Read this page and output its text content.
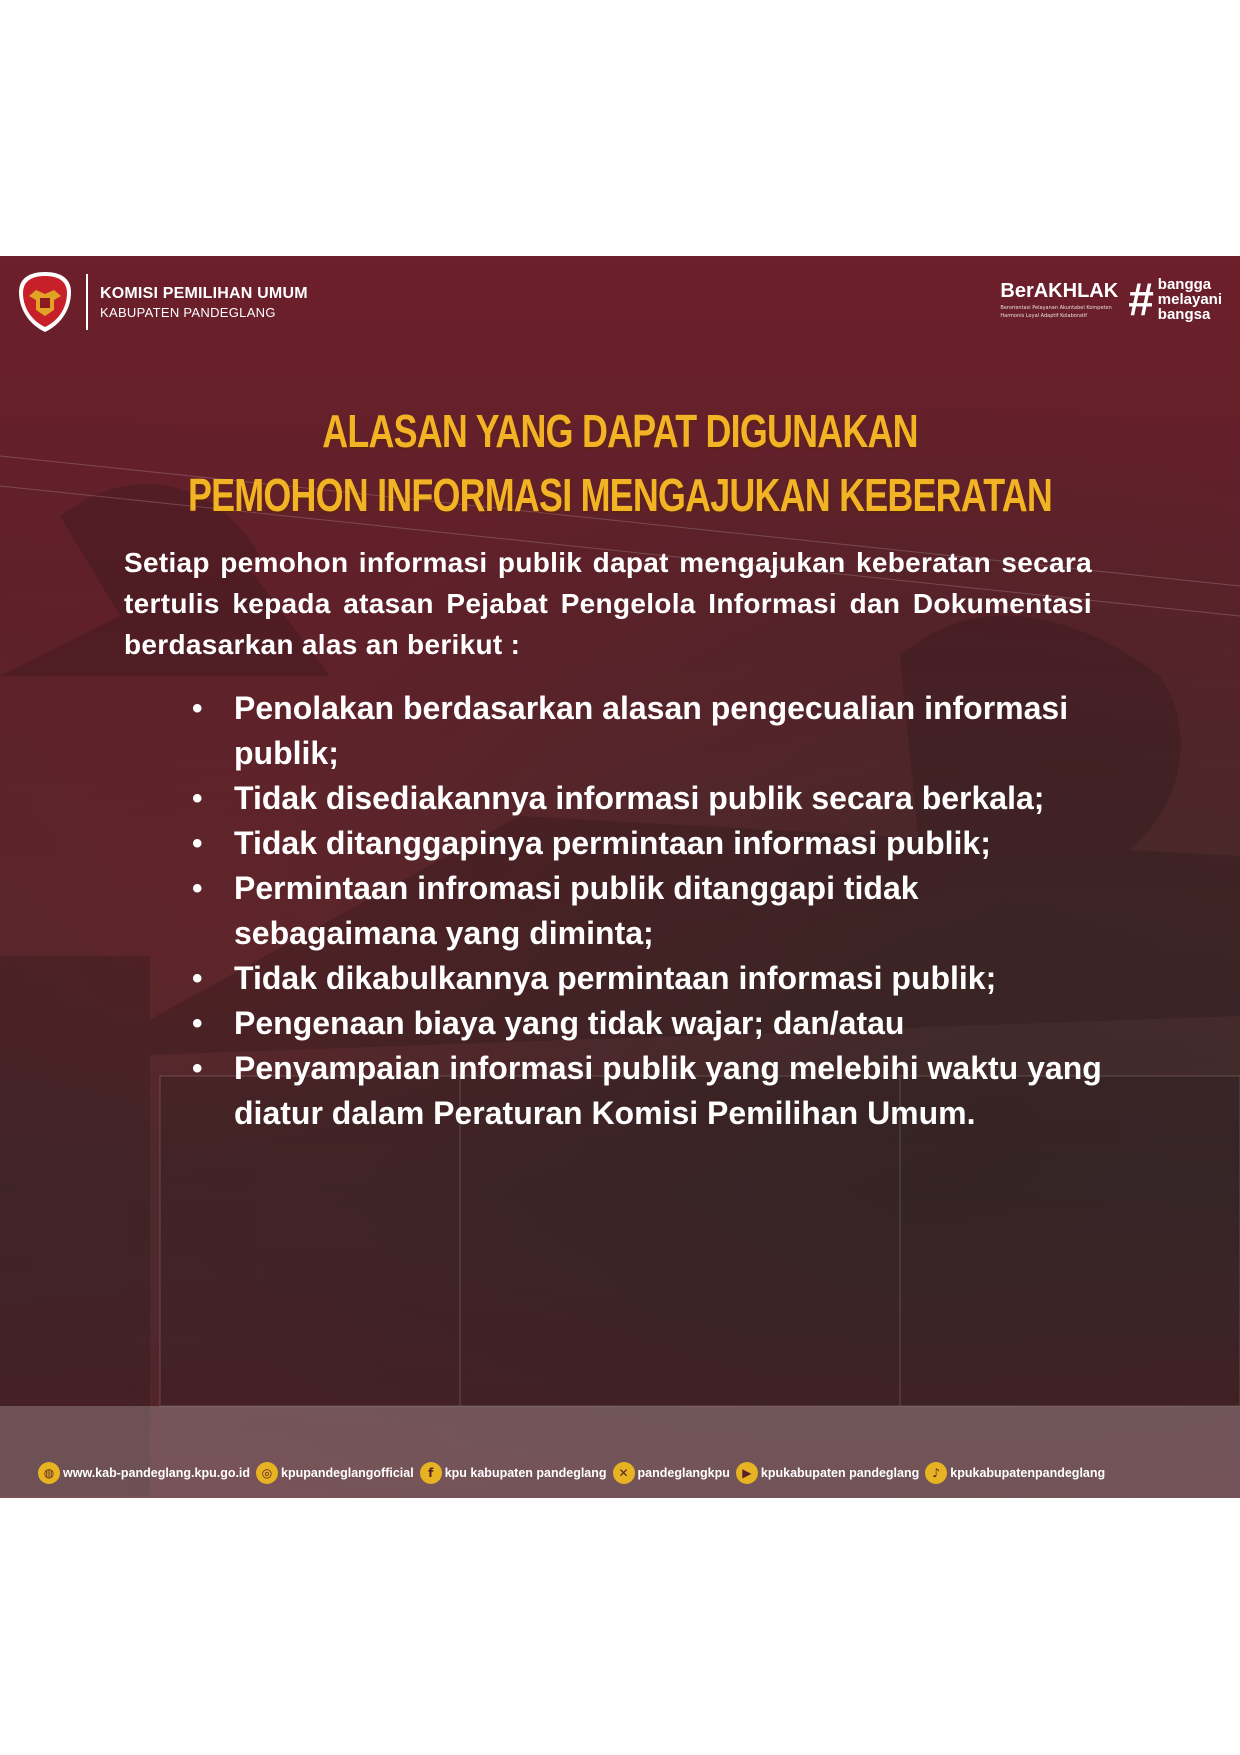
KOMISI PEMILIHAN UMUM
KABUPATEN PANDEGLANG
BerAKHLAK
Berorientasi Pelayanan Akuntabel Kompeten
Harmonis Loyal Adaptif Kolaboratif # bangga
melayani
bangsa
ALASAN YANG DAPAT DIGUNAKAN
PEMOHON INFORMASI MENGAJUKAN KEBERATAN
Setiap pemohon informasi publik dapat mengajukan keberatan secara tertulis kepada atasan Pejabat Pengelola Informasi dan Dokumentasi berdasarkan alas an berikut :
• Penolakan berdasarkan alasan pengecualian informasi publik;
• Tidak disediakannya informasi publik secara berkala;
• Tidak ditanggapinya permintaan informasi publik;
• Permintaan infromasi publik ditanggapi tidak sebagaimana yang diminta;
• Tidak dikabulkannya permintaan informasi publik;
• Pengenaan biaya yang tidak wajar; dan/atau
• Penyampaian informasi publik yang melebihi waktu yang diatur dalam Peraturan Komisi Pemilihan Umum.
◍ www.kab-pandeglang.kpu.go.id ◎ kpupandeglangofficial	f kpu kabupaten pandeglang ✕ pandeglangkpu	▶ kpukabupaten pandeglang	♪ kpukabupatenpandeglang
